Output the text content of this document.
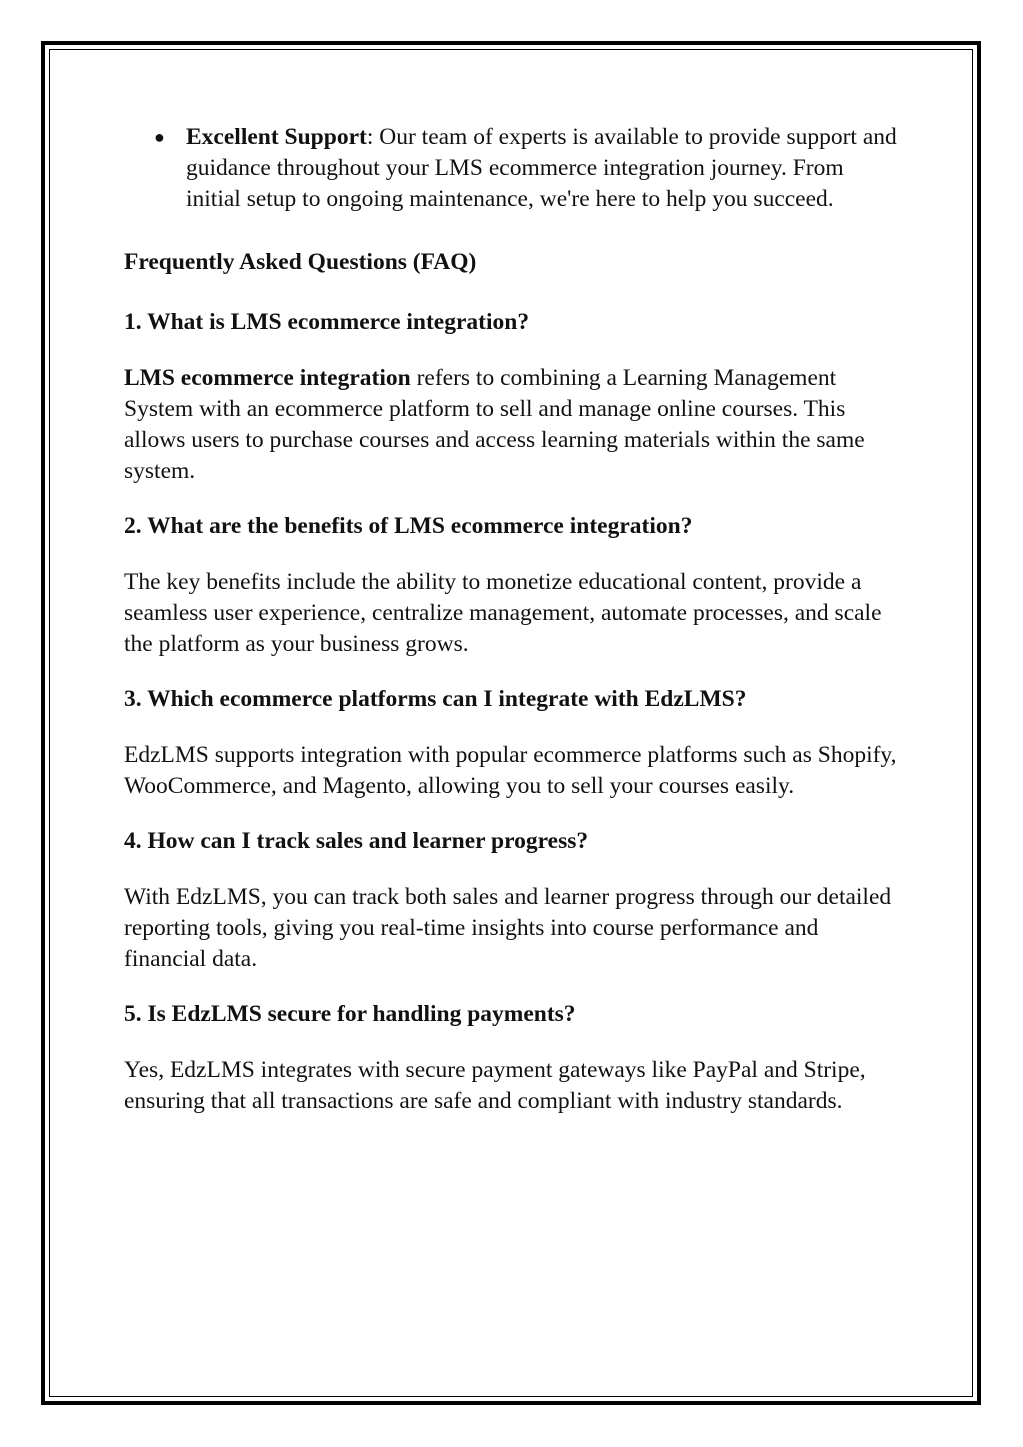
● Excellent Support: Our team of experts is available to provide support and guidance throughout your LMS ecommerce integration journey. From initial setup to ongoing maintenance, we're here to help you succeed.

Frequently Asked Questions (FAQ)

1. What is LMS ecommerce integration?

LMS ecommerce integration refers to combining a Learning Management System with an ecommerce platform to sell and manage online courses. This allows users to purchase courses and access learning materials within the same system.

2. What are the benefits of LMS ecommerce integration?

The key benefits include the ability to monetize educational content, provide a seamless user experience, centralize management, automate processes, and scale the platform as your business grows.

3. Which ecommerce platforms can I integrate with EdzLMS?

EdzLMS supports integration with popular ecommerce platforms such as Shopify, WooCommerce, and Magento, allowing you to sell your courses easily.

4. How can I track sales and learner progress?

With EdzLMS, you can track both sales and learner progress through our detailed reporting tools, giving you real-time insights into course performance and financial data.

5. Is EdzLMS secure for handling payments?

Yes, EdzLMS integrates with secure payment gateways like PayPal and Stripe, ensuring that all transactions are safe and compliant with industry standards.
